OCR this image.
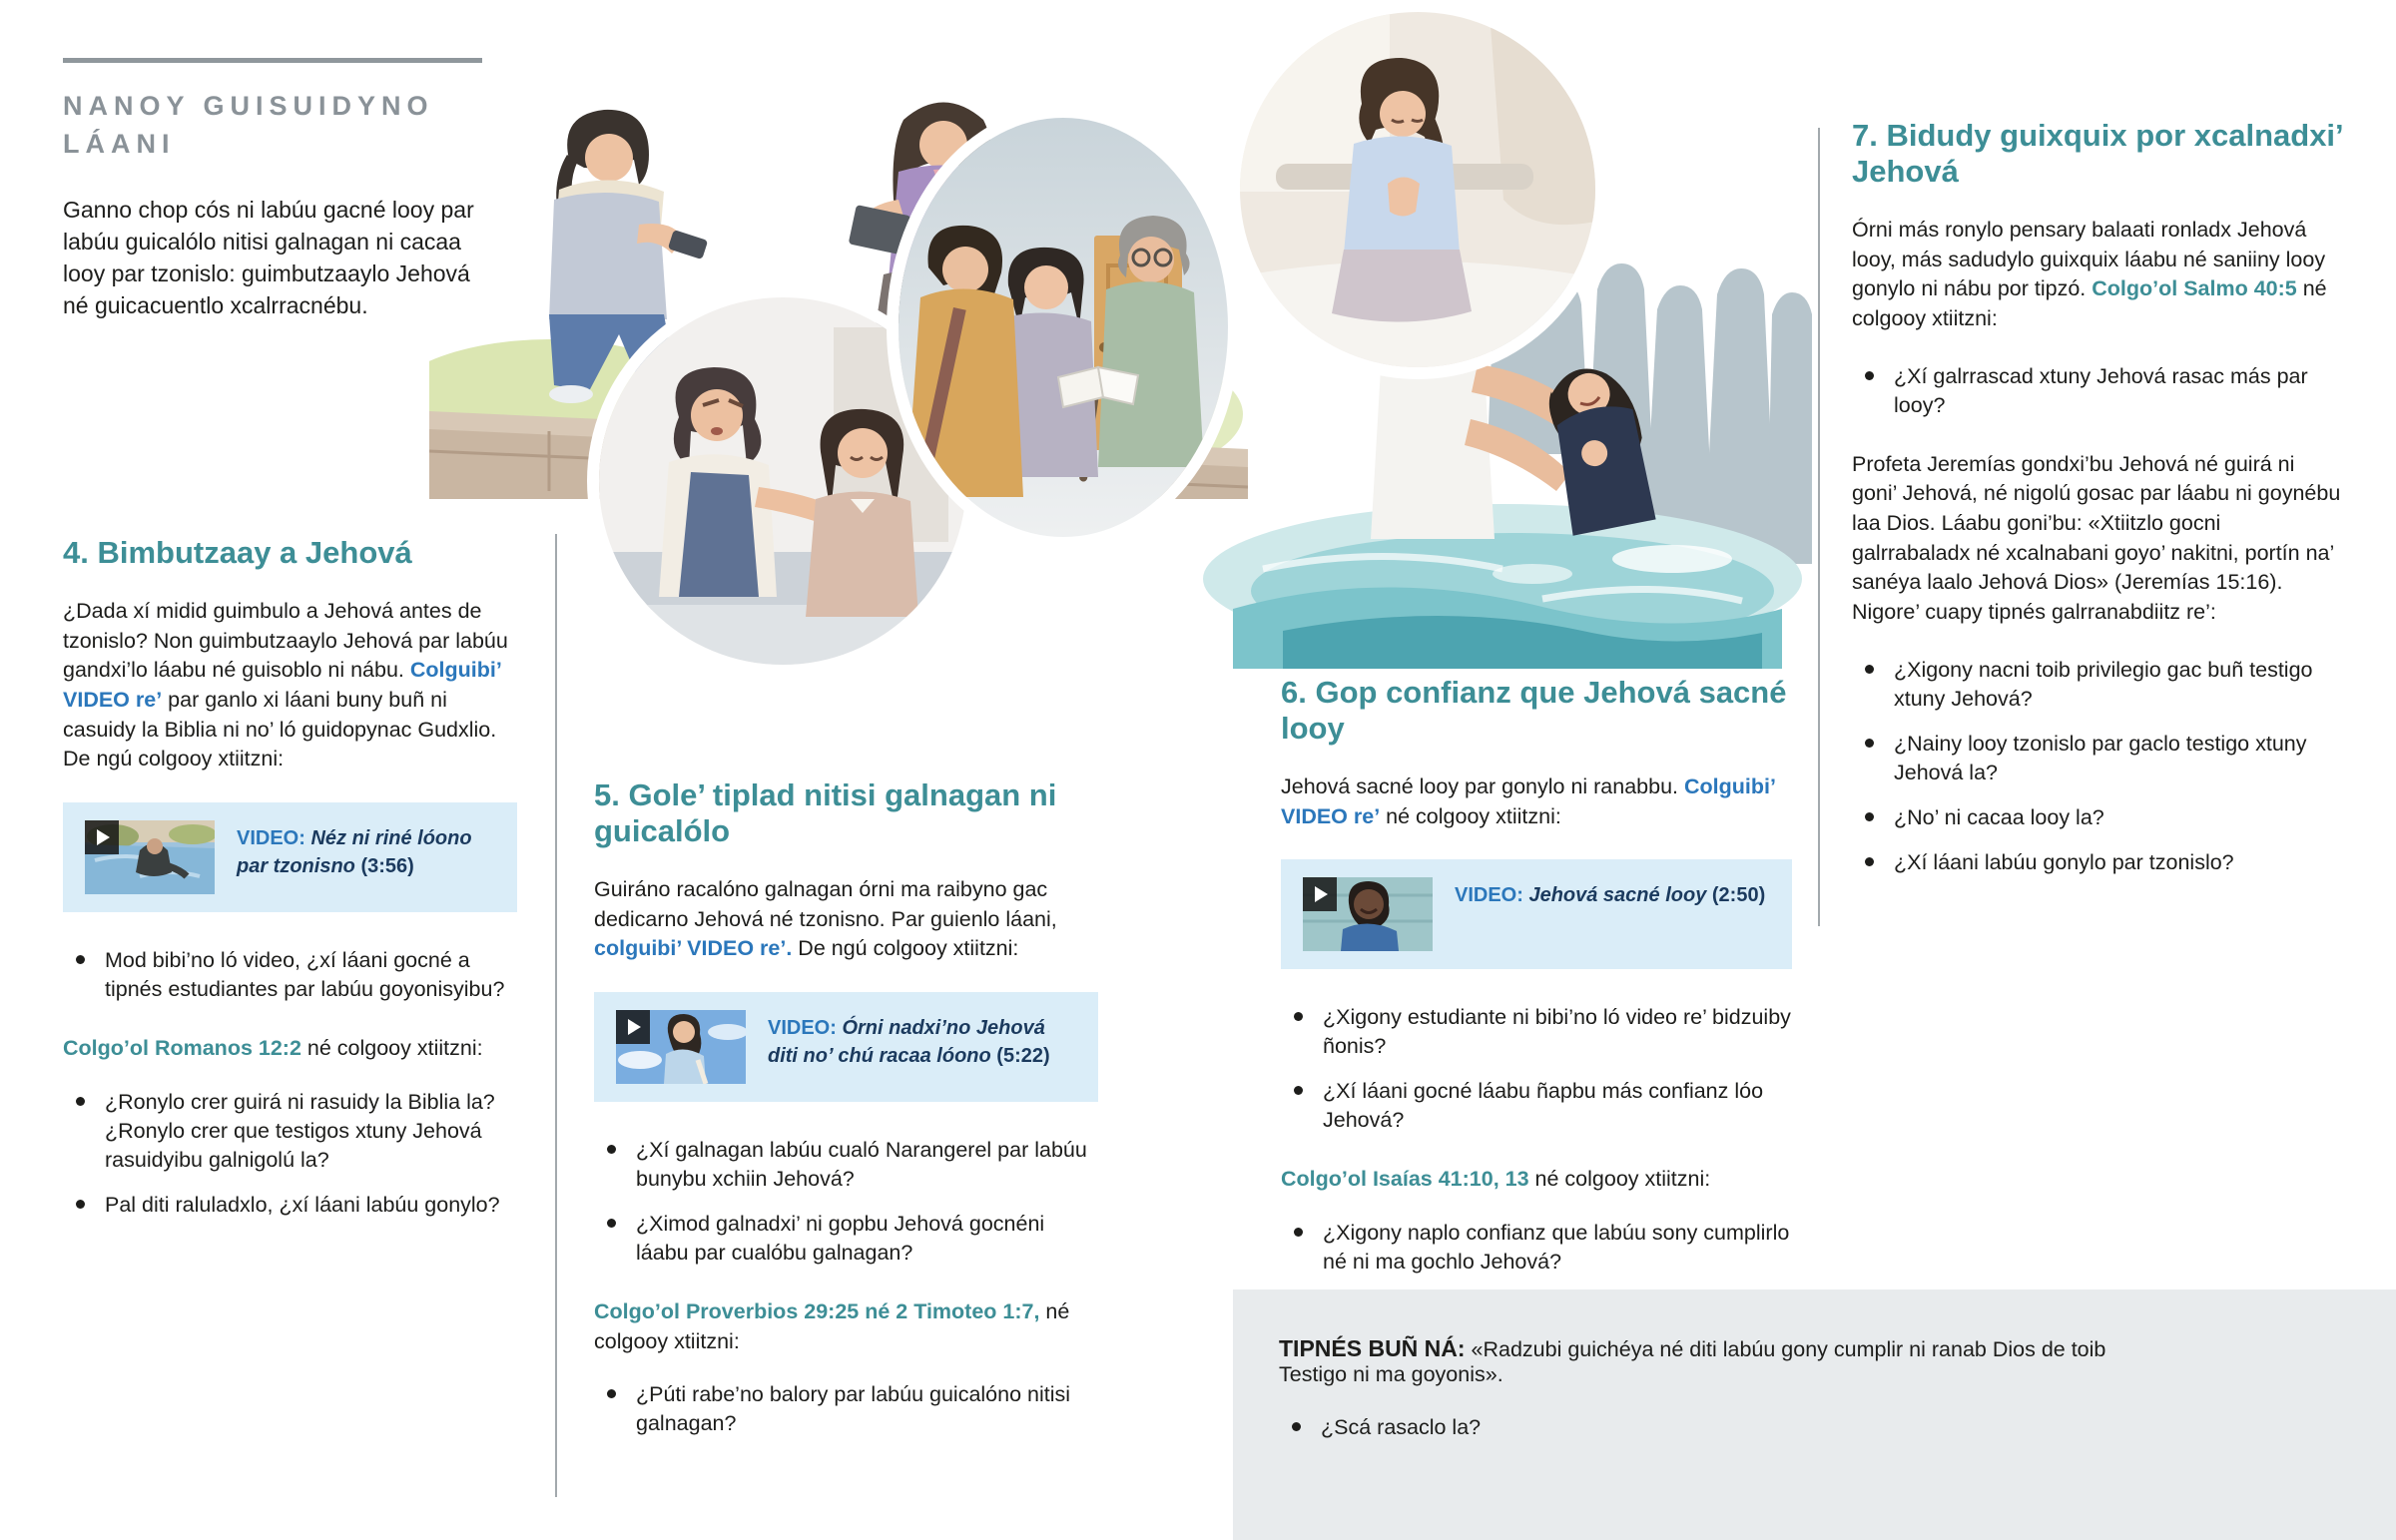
NANOY GUISUIDYNO LÁANI

Ganno chop cós ni labúu gacné looy par labúu guicalólo nitisi galnagan ni cacaa looy par tzonislo: guimbutzaaylo Jehová né guicacuentlo xcalrracnébu.

4. Bimbutzaay a Jehová

¿Dada xí midid guimbulo a Jehová antes de tzonislo? Non guimbutzaaylo Jehová par labúu gandxi’lo láabu né guisoblo ni nábu. Colguibi’ VIDEO re’ par ganlo xi láani buny buñ ni casuidy la Biblia ni no’ ló guidopynac Gudxlio. De ngú colgooy xtiitzni:

VIDEO: Néz ni riné lóono par tzonisno (3:56)
Mod bibi’no ló video, ¿xí láani gocné a tipnés estudiantes par labúu goyonisyibu?

Colgo’ol Romanos 12:2 né colgooy xtiitzni:

¿Ronylo crer guirá ni rasuidy la Biblia la? ¿Ronylo crer que testigos xtuny Jehová rasuidyibu galnigolú la?
Pal diti raluladxlo, ¿xí láani labúu gonylo?
5. Gole’ tiplad nitisi galnagan ni guicalólo

Guiráno racalóno galnagan órni ma raibyno gac dedicarno Jehová né tzonisno. Par guienlo láani, colguibi’ VIDEO re’. De ngú colgooy xtiitzni:

VIDEO: Órni nadxi’no Jehová diti no’ chú racaa lóono (5:22)
¿Xí galnagan labúu cualó Narangerel par labúu bunybu xchiin Jehová?
¿Ximod galnadxi’ ni gopbu Jehová gocnéni láabu par cualóbu galnagan?

Colgo’ol Proverbios 29:25 né 2 Timoteo 1:7, né colgooy xtiitzni:

¿Púti rabe’no balory par labúu guicalóno nitisi galnagan?
6. Gop confianz que Jehová sacné looy

Jehová sacné looy par gonylo ni ranabbu. Colguibi’ VIDEO re’ né colgooy xtiitzni:

VIDEO: Jehová sacné looy (2:50)
¿Xigony estudiante ni bibi’no ló video re’ bidzuiby ñonis?
¿Xí láani gocné láabu ñapbu más confianz lóo Jehová?

Colgo’ol Isaías 41:10, 13 né colgooy xtiitzni:

¿Xigony naplo confianz que labúu sony cumplirlo né ni ma gochlo Jehová?
7. Bidudy guixquix por xcalnadxi’ Jehová

Órni más ronylo pensary balaati ronladx Jehová looy, más sadudylo guixquix láabu né saniiny looy gonylo ni nábu por tipzó. Colgo’ol Salmo 40:5 né colgooy xtiitzni:

¿Xí galrrascad xtuny Jehová rasac más par looy?

Profeta Jeremías gondxi’bu Jehová né guirá ni goni’ Jehová, né nigolú gosac par láabu ni goynébu laa Dios. Láabu goni’bu: «Xtiitzlo gocni galrrabaladx né xcalnabani goyo’ nakitni, portín na’ sanéya laalo Jehová Dios» (Jeremías 15:16). Nigore’ cuapy tipnés galrranabdiitz re’:

¿Xigony nacni toib privilegio gac buñ testigo xtuny Jehová?
¿Nainy looy tzonislo par gaclo testigo xtuny Jehová la?
¿No’ ni cacaa looy la?
¿Xí láani labúu gonylo par tzonislo?

TIPNÉS BUÑ NÁ: «Radzubi guichéya né diti labúu gony cumplir ni ranab Dios de toib Testigo ni ma goyonis».

¿Scá rasaclo la?
